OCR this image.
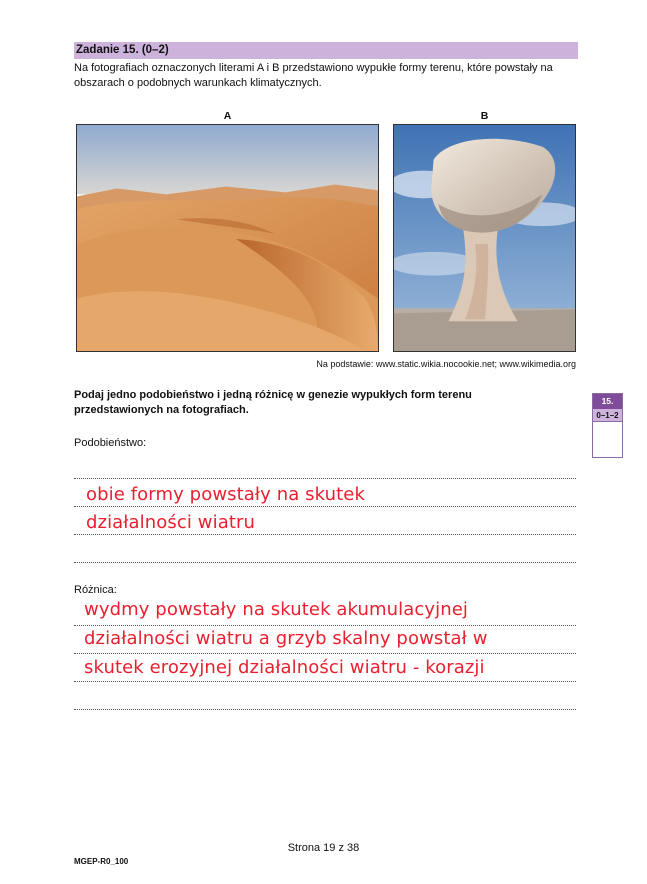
Zadanie 15. (0–2)
Na fotografiach oznaczonych literami A i B przedstawiono wypukłe formy terenu, które powstały na obszarach o podobnych warunkach klimatycznych.
A	B
Na podstawie: www.static.wikia.nocookie.net; www.wikimedia.org
Podaj jedno podobieństwo i jedną różnicę w genezie wypukłych form terenu przedstawionych na fotografiach.
15.
0–1–2
Podobieństwo:
obie formy powstały na skutek
działalności wiatru
Różnica:
wydmy powstały na skutek akumulacyjnej
działalności wiatru a grzyb skalny powstał w
skutek erozyjnej działalności wiatru - korazji
Strona 19 z 38
MGEP-R0_100
